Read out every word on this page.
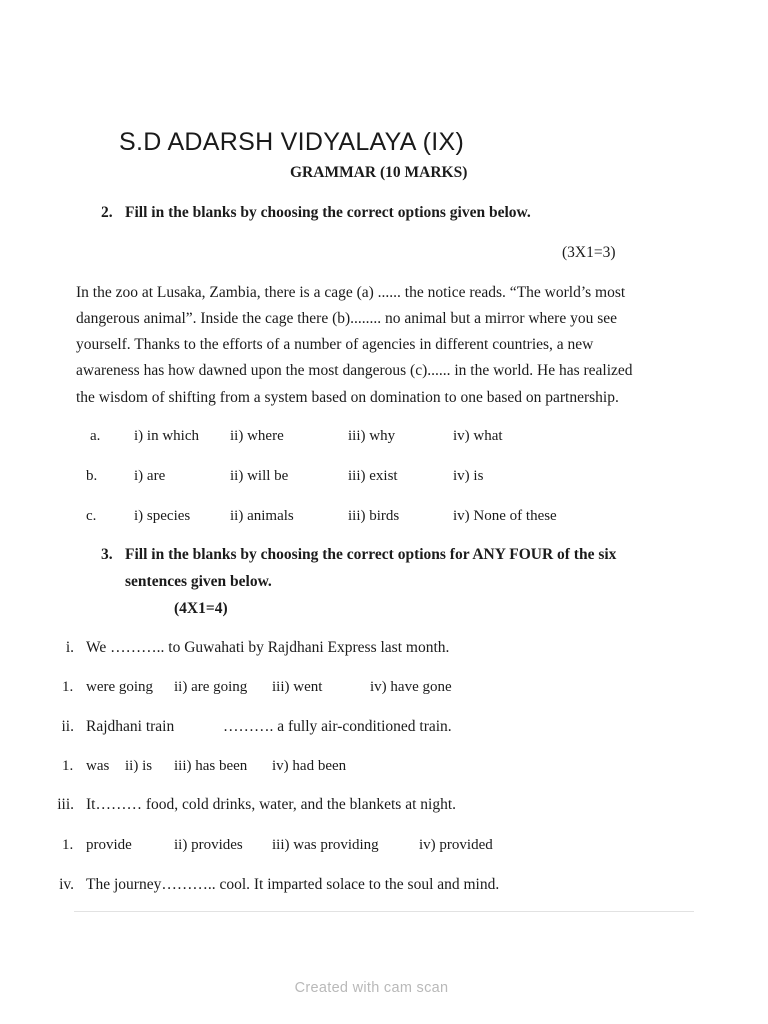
S.D ADARSH VIDYALAYA (IX)
GRAMMAR (10 MARKS)
2. Fill in the blanks by choosing the correct options given below.
(3X1=3)
In the zoo at Lusaka, Zambia, there is a cage (a) ...... the notice reads. “The world’s most
dangerous animal”. Inside the cage there (b)........ no animal but a mirror where you see
yourself. Thanks to the efforts of a number of agencies in different countries, a new
awareness has how dawned upon the most dangerous (c)...... in the world. He has realized
the wisdom of shifting from a system based on domination to one based on partnership.
a. i) in which ii) where	iii) why	iv) what
b. i) are	ii) will be	iii) exist	iv) is
c.	i) species	ii) animals	iii) birds	iv) None of these
3. Fill in the blanks by choosing the correct options for ANY FOUR of the six
sentences given below.
(4X1=4)
i. We ……….. to Guwahati by Rajdhani Express last month.
1. were going ii) are going iii) went	iv) have gone
ii. Rajdhani train	………. a fully air-conditioned train.
1. was ii) is iii) has been iv) had been
iii. It……… food, cold drinks, water, and the blankets at night.
1. provide	ii) provides iii) was providing	iv) provided
iv. The journey……….. cool. It imparted solace to the soul and mind.
Created with cam scan
